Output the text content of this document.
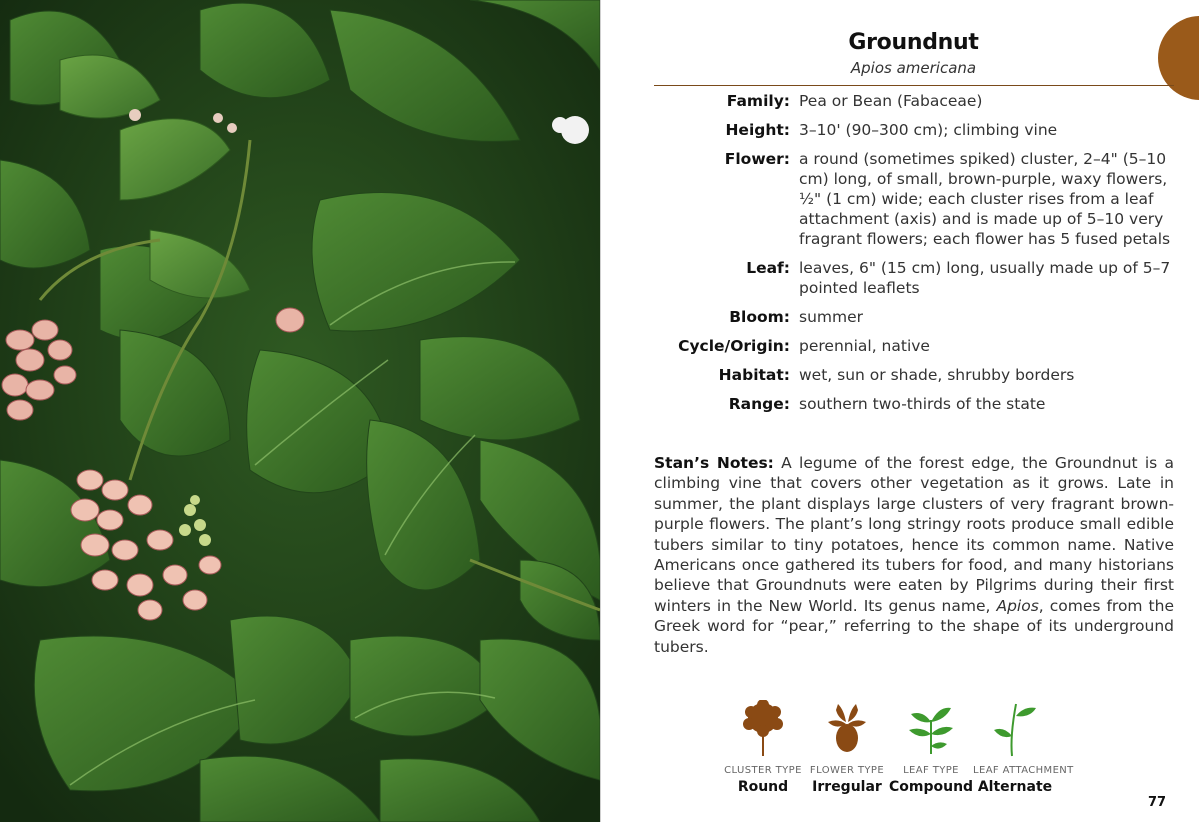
Groundnut
Apios americana
Family: Pea or Bean (Fabaceae)
Height: 3–10' (90–300 cm); climbing vine
Flower: a round (sometimes spiked) cluster, 2–4" (5–10 cm) long, of small, brown-purple, waxy flowers, ½" (1 cm) wide; each cluster rises from a leaf attachment (axis) and is made up of 5–10 very fragrant flowers; each flower has 5 fused petals
Leaf: leaves, 6" (15 cm) long, usually made up of 5–7 pointed leaflets
Bloom: summer
Cycle/Origin: perennial, native
Habitat: wet, sun or shade, shrubby borders
Range: southern two-thirds of the state
Stan’s Notes: A legume of the forest edge, the Groundnut is a climbing vine that covers other vegetation as it grows. Late in summer, the plant displays large clusters of very fragrant brown-purple flowers. The plant’s long stringy roots produce small edible tubers similar to tiny potatoes, hence its common name. Native Americans once gathered its tubers for food, and many historians believe that Groundnuts were eaten by Pilgrims during their first winters in the New World. Its genus name, Apios, comes from the Greek word for “pear,” referring to the shape of its underground tubers.
CLUSTER TYPE
Round
FLOWER TYPE
Irregular
LEAF TYPE
Compound
LEAF ATTACHMENT
Alternate
77
